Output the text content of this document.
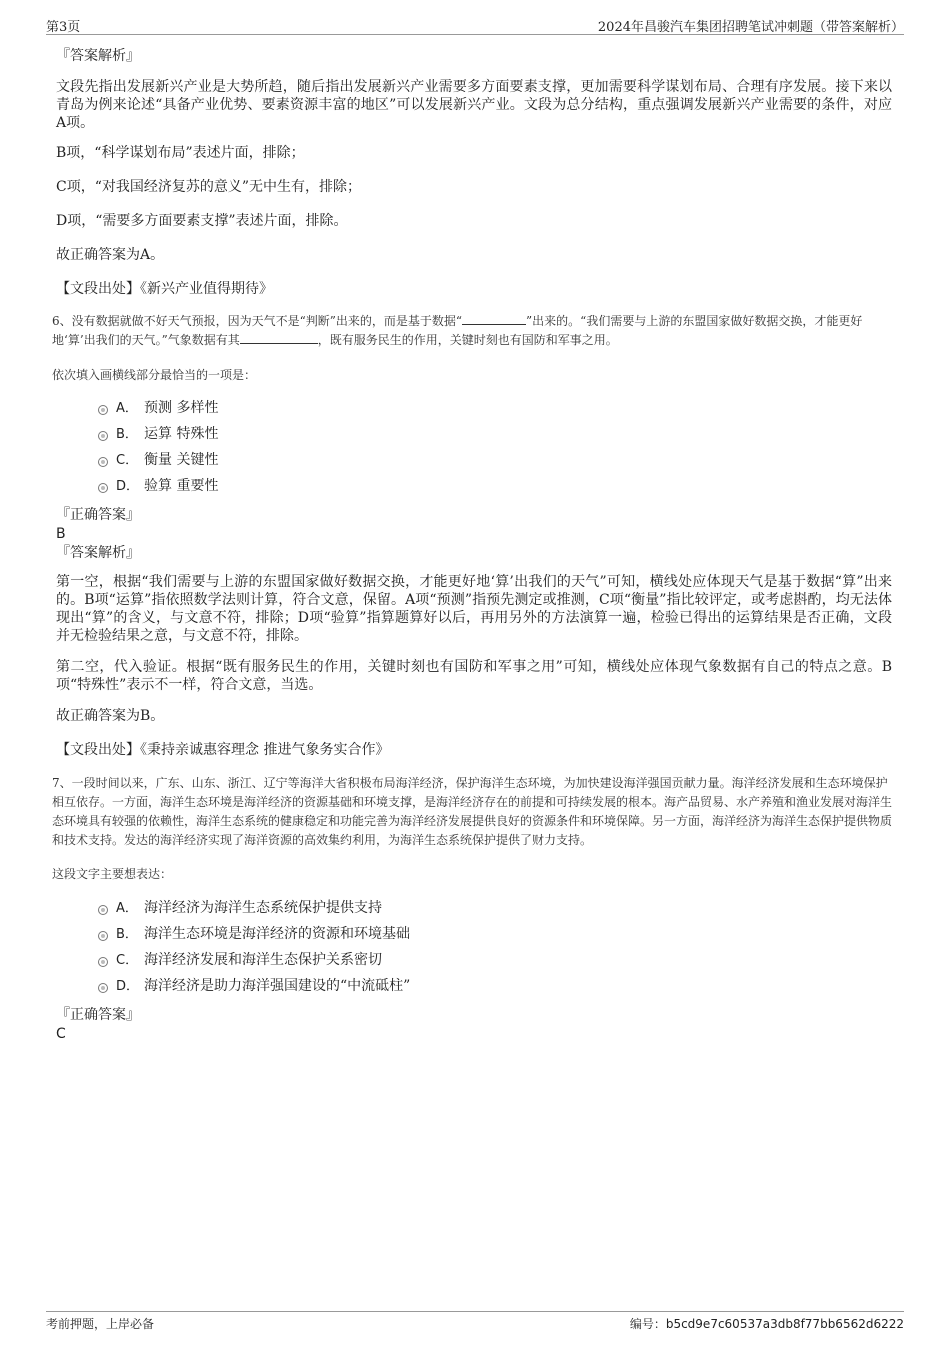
第3页	2024年昌骏汽车集团招聘笔试冲刺题（带答案解析）

『答案解析』

文段先指出发展新兴产业是大势所趋，随后指出发展新兴产业需要多方面要素支撑，更加需要科学谋划布局、合理有序发展。接下来以青岛为例来论述“具备产业优势、要素资源丰富的地区”可以发展新兴产业。文段为总分结构，重点强调发展新兴产业需要的条件，对应A项。

B项，“科学谋划布局”表述片面，排除；

C项，“对我国经济复苏的意义”无中生有，排除；

D项，“需要多方面要素支撑”表述片面，排除。

故正确答案为A。

【文段出处】《新兴产业值得期待》

6、没有数据就做不好天气预报，因为天气不是“判断”出来的，而是基于数据“	”出来的。“我们需要与上游的东盟国家做好数据交换，才能更好地‘算’出我们的天气。”气象数据有其	，既有服务民生的作用，关键时刻也有国防和军事之用。

依次填入画横线部分最恰当的一项是：

A． 预测 多样性
B． 运算 特殊性
C． 衡量 关键性
D． 验算 重要性

『正确答案』

B

『答案解析』

第一空，根据“我们需要与上游的东盟国家做好数据交换，才能更好地‘算’出我们的天气”可知，横线处应体现天气是基于数据“算”出来的。B项“运算”指依照数学法则计算，符合文意，保留。A项“预测”指预先测定或推测，C项“衡量”指比较评定，或考虑斟酌，均无法体现出“算”的含义，与文意不符，排除；D项“验算”指算题算好以后，再用另外的方法演算一遍，检验已得出的运算结果是否正确，文段并无检验结果之意，与文意不符，排除。

第二空，代入验证。根据“既有服务民生的作用，关键时刻也有国防和军事之用”可知，横线处应体现气象数据有自己的特点之意。B项“特殊性”表示不一样，符合文意，当选。

故正确答案为B。

【文段出处】《秉持亲诚惠容理念 推进气象务实合作》

7、一段时间以来，广东、山东、浙江、辽宁等海洋大省积极布局海洋经济，保护海洋生态环境，为加快建设海洋强国贡献力量。海洋经济发展和生态环境保护相互依存。一方面，海洋生态环境是海洋经济的资源基础和环境支撑，是海洋经济存在的前提和可持续发展的根本。海产品贸易、水产养殖和渔业发展对海洋生态环境具有较强的依赖性，海洋生态系统的健康稳定和功能完善为海洋经济发展提供良好的资源条件和环境保障。另一方面，海洋经济为海洋生态保护提供物质和技术支持。发达的海洋经济实现了海洋资源的高效集约利用，为海洋生态系统保护提供了财力支持。

这段文字主要想表达：

A． 海洋经济为海洋生态系统保护提供支持
B． 海洋生态环境是海洋经济的资源和环境基础
C． 海洋经济发展和海洋生态保护关系密切
D． 海洋经济是助力海洋强国建设的“中流砥柱”

『正确答案』

C

考前押题，上岸必备	编号：b5cd9e7c60537a3db8f77bb6562d6222
